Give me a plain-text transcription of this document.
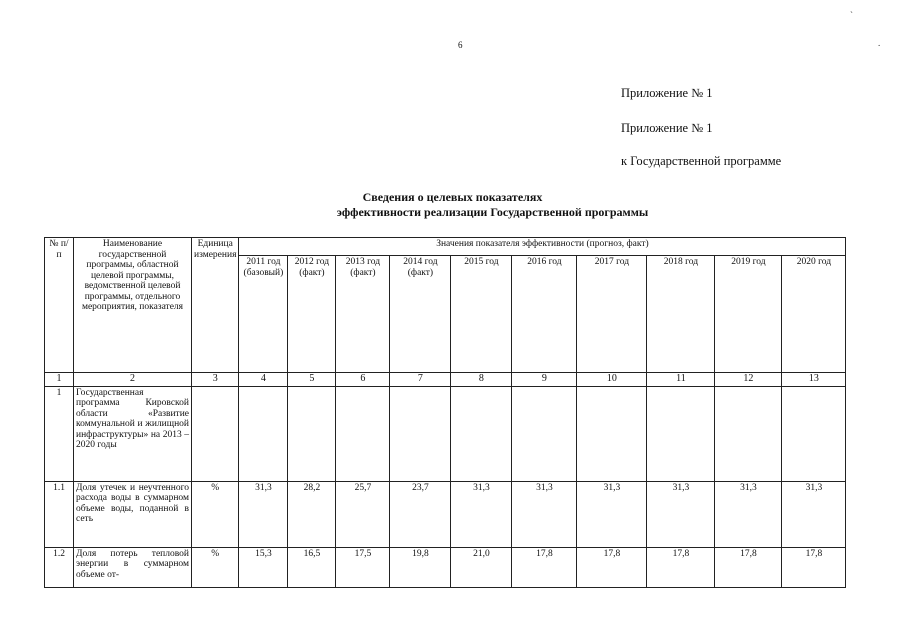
6
Приложение № 1
Приложение № 1
к Государственной программе
Сведения о целевых показателях
эффективности реализации Государственной программы
№ п/п	Наименование государственной программы, областной целевой программы, ведомственной целевой программы, отдельного мероприятия, показателя	Единица измерения	Значения показателя эффективности (прогноз, факт)									
			2011 год (базовый)	2012 год (факт)	2013 год (факт)	2014 год (факт)	2015 год	2016 год	2017 год	2018 год	2019 год	2020 год
1	2	3	4	5	6	7	8	9	10	11	12	13
1	Государственная программа Кировской области «Развитие коммунальной и жилищной инфраструктуры» на 2013 – 2020 годы											
1.1	Доля утечек и неучтенного расхода воды в суммарном объеме воды, поданной в сеть	%	31,3	28,2	25,7	23,7	31,3	31,3	31,3	31,3	31,3	31,3
1.2	Доля потерь тепловой энергии в суммарном объеме от-	%	15,3	16,5	17,5	19,8	21,0	17,8	17,8	17,8	17,8	17,8
`
.
